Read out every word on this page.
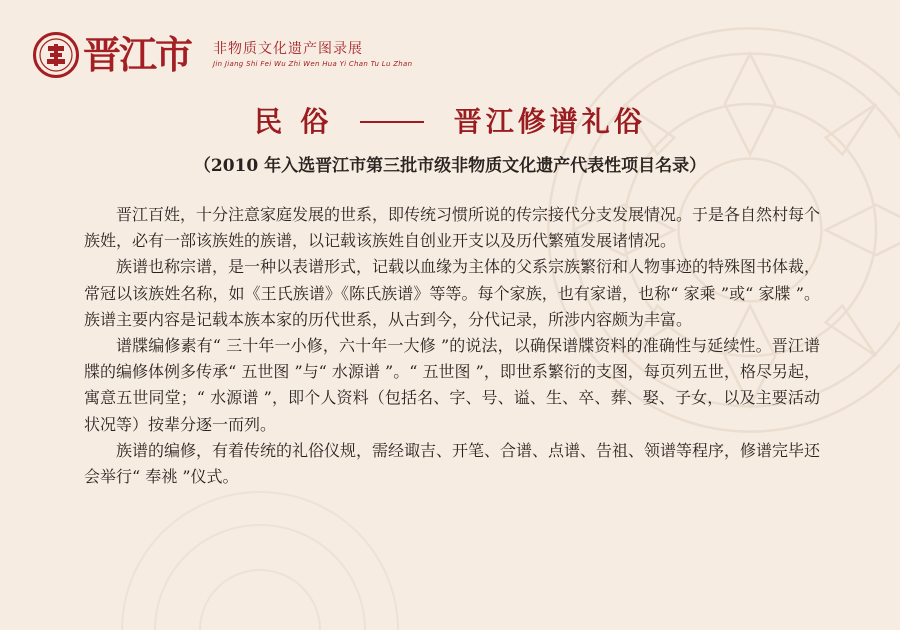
晋江市 非物质文化遗产图录展
Jin Jiang Shi Fei Wu Zhi Wen Hua Yi Chan Tu Lu Zhan
民俗	晋江修谱礼俗
（2010 年入选晋江市第三批市级非物质文化遗产代表性项目名录）

晋江百姓，十分注意家庭发展的世系，即传统习惯所说的传宗接代分支发展情况。于是各自然村每个族姓，必有一部该族姓的族谱，以记载该族姓自创业开支以及历代繁殖发展诸情况。

族谱也称宗谱，是一种以表谱形式，记载以血缘为主体的父系宗族繁衍和人物事迹的特殊图书体裁，常冠以该族姓名称，如《王氏族谱》《陈氏族谱》等等。每个家族，也有家谱，也称“ 家乘 ”或“ 家牒 ”。族谱主要内容是记载本族本家的历代世系，从古到今，分代记录，所涉内容颇为丰富。

谱牒编修素有“ 三十年一小修，六十年一大修 ”的说法，以确保谱牒资料的准确性与延续性。晋江谱牒的编修体例多传承“ 五世图 ”与“ 水源谱 ”。“ 五世图 ”，即世系繁衍的支图，每页列五世，格尽另起，寓意五世同堂；“ 水源谱 ”，即个人资料（包括名、字、号、谥、生、卒、葬、娶、子女，以及主要活动状况等）按辈分逐一而列。

族谱的编修，有着传统的礼俗仪规，需经诹吉、开笔、合谱、点谱、告祖、领谱等程序，修谱完毕还会举行“ 奉祧 ”仪式。
